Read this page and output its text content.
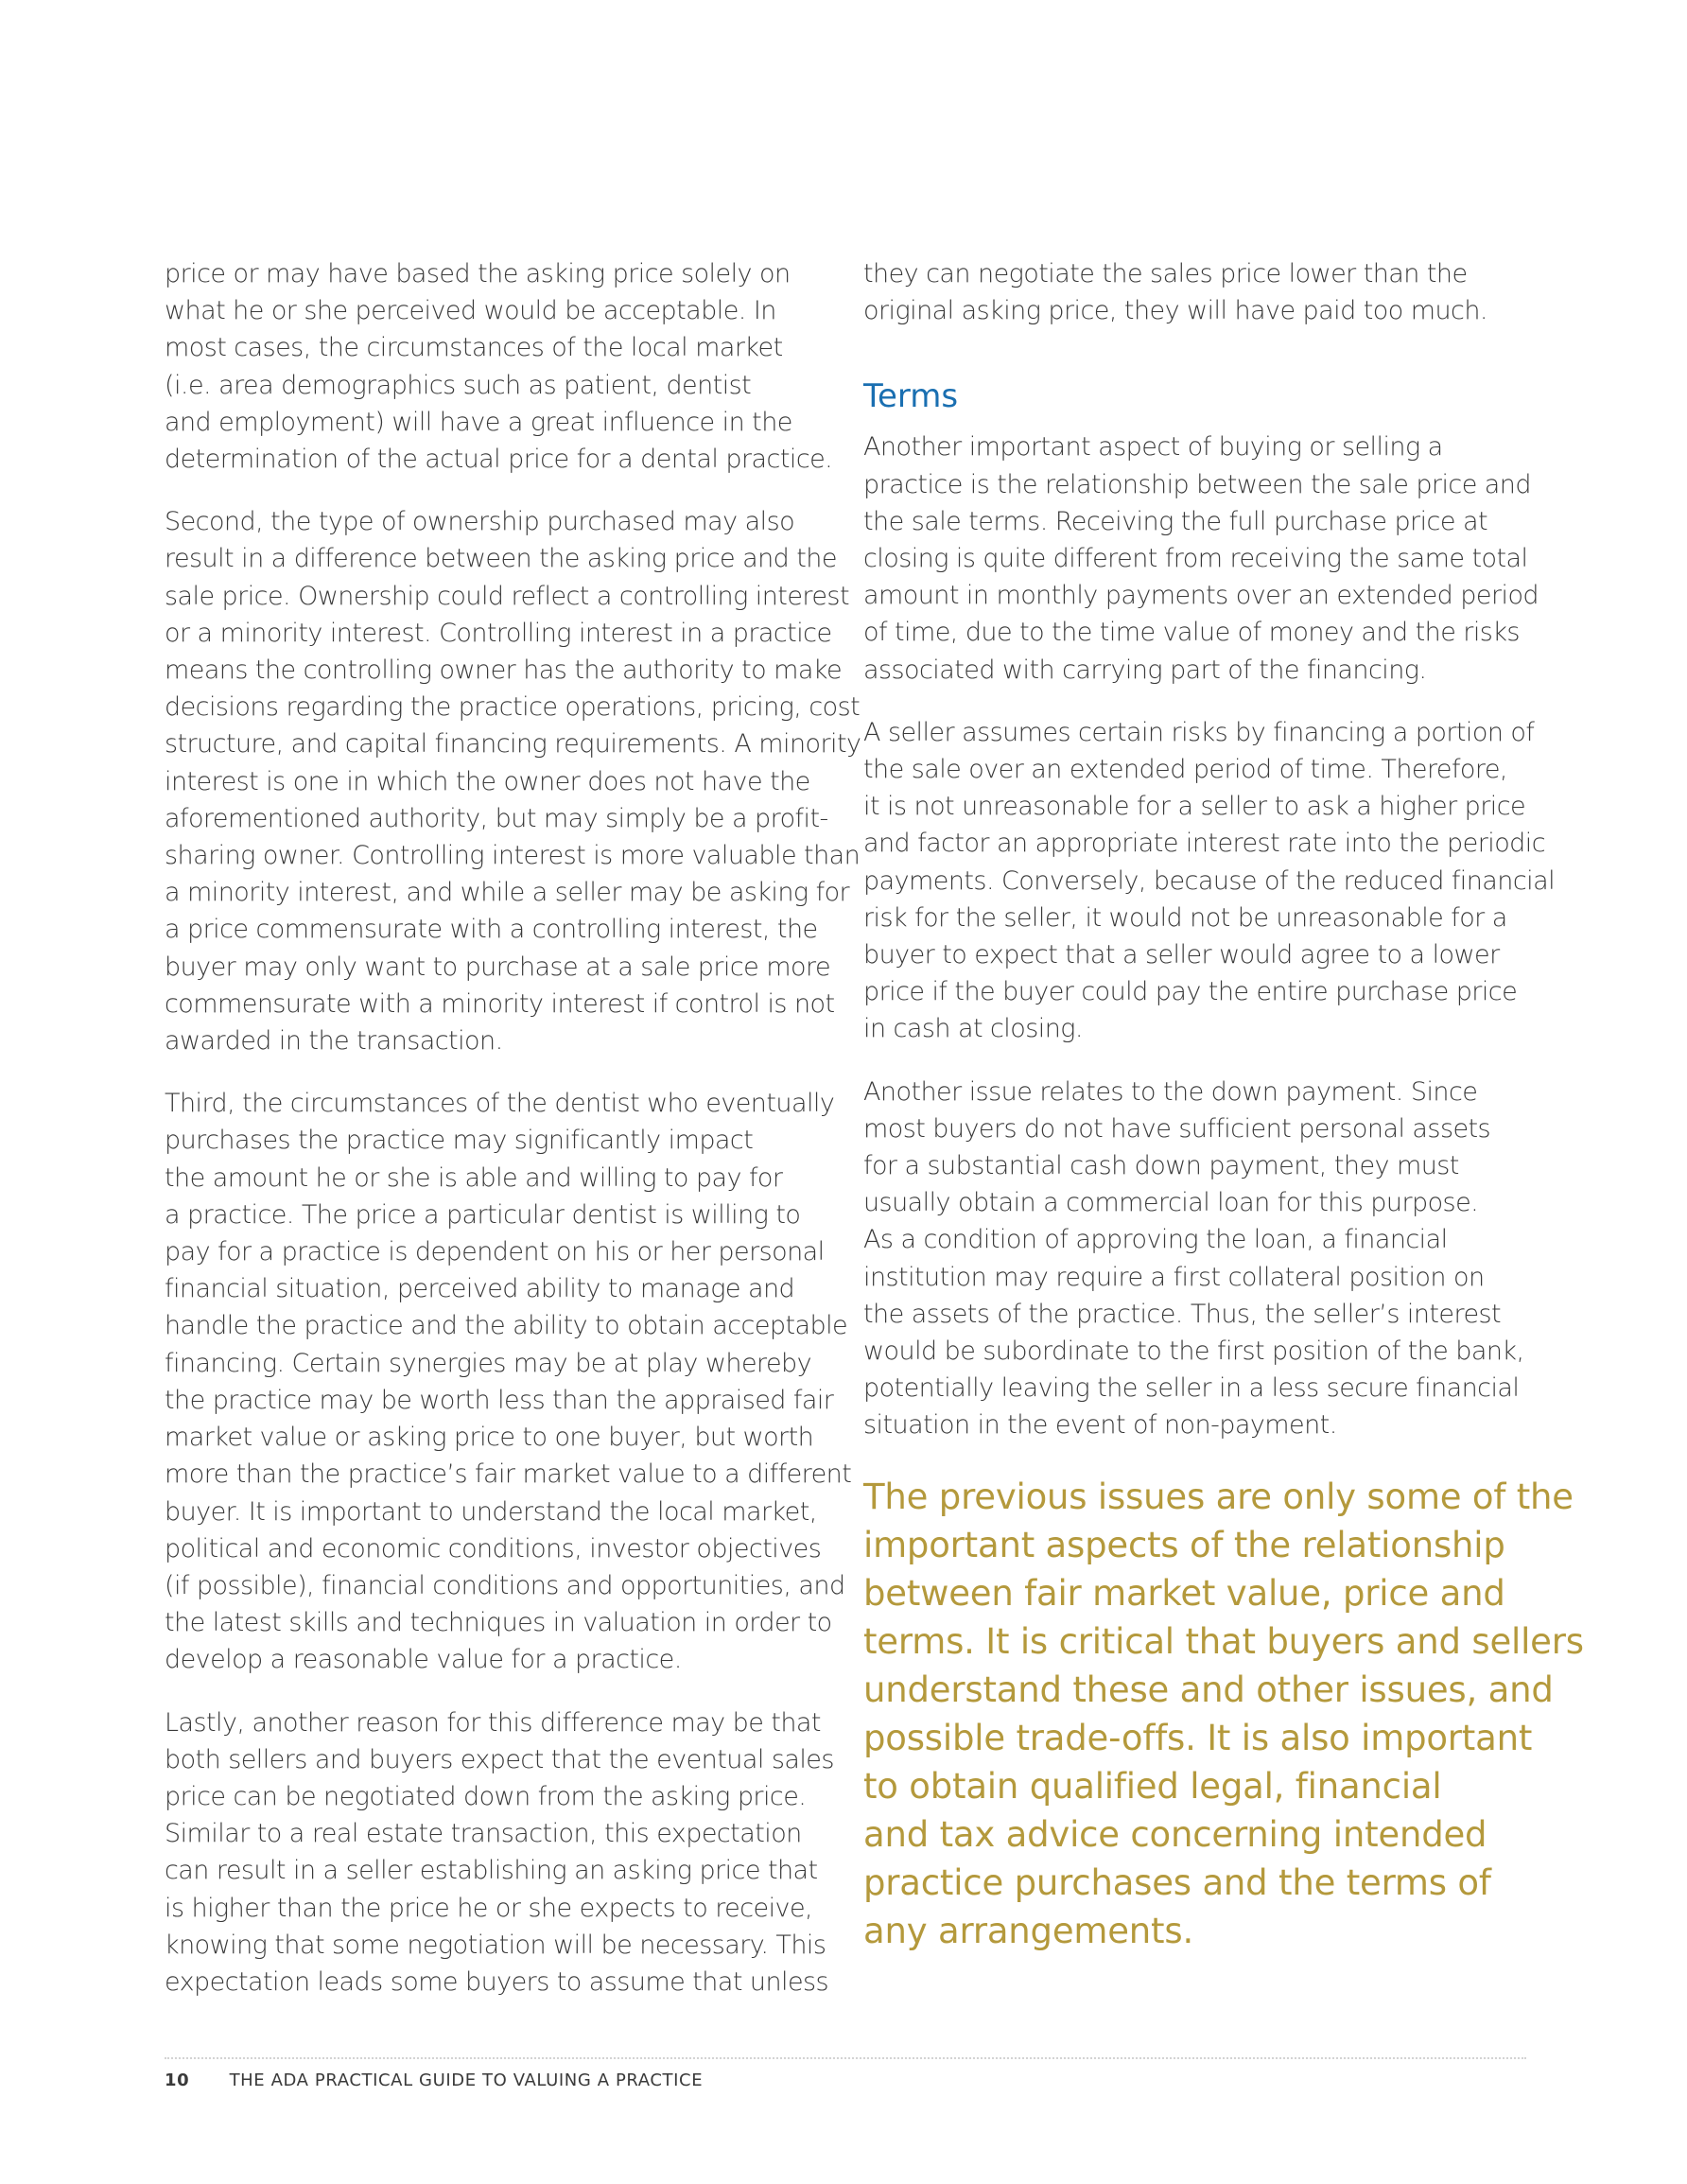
price or may have based the asking price solely on
what he or she perceived would be acceptable. In
most cases, the circumstances of the local market
(i.e. area demographics such as patient, dentist
and employment) will have a great influence in the
determination of the actual price for a dental practice.

Second, the type of ownership purchased may also
result in a difference between the asking price and the
sale price. Ownership could reflect a controlling interest
or a minority interest. Controlling interest in a practice
means the controlling owner has the authority to make
decisions regarding the practice operations, pricing, cost
structure, and capital financing requirements. A minority
interest is one in which the owner does not have the
aforementioned authority, but may simply be a profit-
sharing owner. Controlling interest is more valuable than
a minority interest, and while a seller may be asking for
a price commensurate with a controlling interest, the
buyer may only want to purchase at a sale price more
commensurate with a minority interest if control is not
awarded in the transaction.

Third, the circumstances of the dentist who eventually
purchases the practice may significantly impact
the amount he or she is able and willing to pay for
a practice. The price a particular dentist is willing to
pay for a practice is dependent on his or her personal
financial situation, perceived ability to manage and
handle the practice and the ability to obtain acceptable
financing. Certain synergies may be at play whereby
the practice may be worth less than the appraised fair
market value or asking price to one buyer, but worth
more than the practice’s fair market value to a different
buyer. It is important to understand the local market,
political and economic conditions, investor objectives
(if possible), financial conditions and opportunities, and
the latest skills and techniques in valuation in order to
develop a reasonable value for a practice.

Lastly, another reason for this difference may be that
both sellers and buyers expect that the eventual sales
price can be negotiated down from the asking price.
Similar to a real estate transaction, this expectation
can result in a seller establishing an asking price that
is higher than the price he or she expects to receive,
knowing that some negotiation will be necessary. This
expectation leads some buyers to assume that unless

they can negotiate the sales price lower than the
original asking price, they will have paid too much.

Terms

Another important aspect of buying or selling a
practice is the relationship between the sale price and
the sale terms. Receiving the full purchase price at
closing is quite different from receiving the same total
amount in monthly payments over an extended period
of time, due to the time value of money and the risks
associated with carrying part of the financing.

A seller assumes certain risks by financing a portion of
the sale over an extended period of time. Therefore,
it is not unreasonable for a seller to ask a higher price
and factor an appropriate interest rate into the periodic
payments. Conversely, because of the reduced financial
risk for the seller, it would not be unreasonable for a
buyer to expect that a seller would agree to a lower
price if the buyer could pay the entire purchase price
in cash at closing.

Another issue relates to the down payment. Since
most buyers do not have sufficient personal assets
for a substantial cash down payment, they must
usually obtain a commercial loan for this purpose.
As a condition of approving the loan, a financial
institution may require a first collateral position on
the assets of the practice. Thus, the seller’s interest
would be subordinate to the first position of the bank,
potentially leaving the seller in a less secure financial
situation in the event of non-payment.

The previous issues are only some of the
important aspects of the relationship
between fair market value, price and
terms. It is critical that buyers and sellers
understand these and other issues, and
possible trade-offs. It is also important
to obtain qualified legal, financial
and tax advice concerning intended
practice purchases and the terms of
any arrangements.
10 THE ADA PRACTICAL GUIDE TO VALUING A PRACTICE
